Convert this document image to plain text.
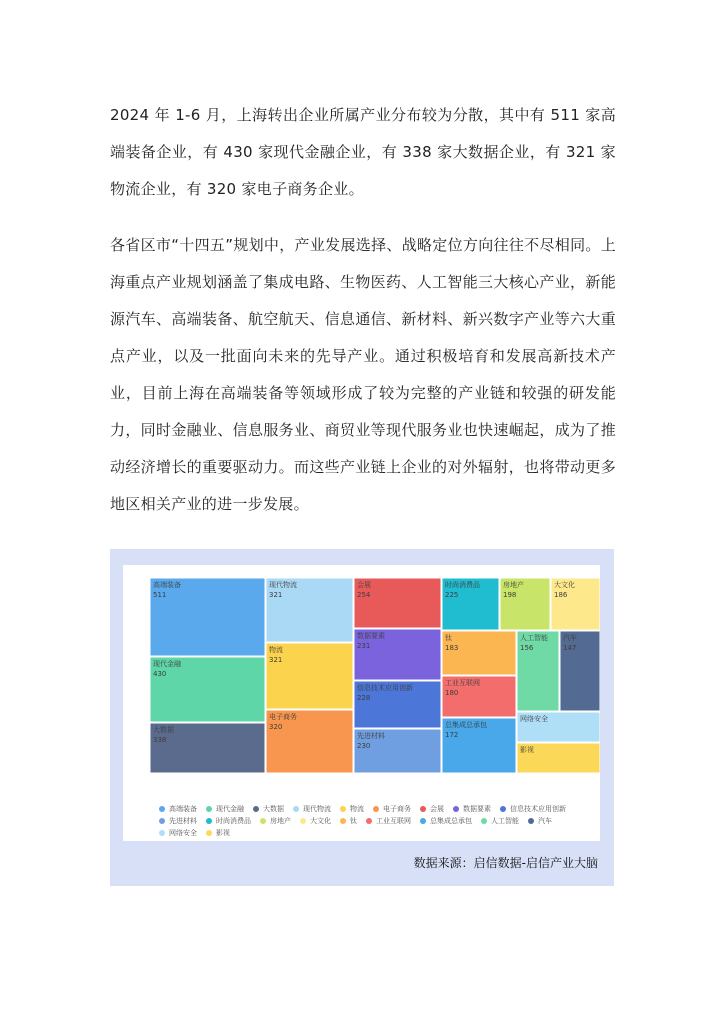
2024 年 1-6 月，上海转出企业所属产业分布较为分散，其中有 511 家高端装备企业，有 430 家现代金融企业，有 338 家大数据企业，有 321 家物流企业，有 320 家电子商务企业。

各省区市“十四五”规划中，产业发展选择、战略定位方向往往不尽相同。上海重点产业规划涵盖了集成电路、生物医药、人工智能三大核心产业，新能源汽车、高端装备、航空航天、信息通信、新材料、新兴数字产业等六大重点产业，以及一批面向未来的先导产业。通过积极培育和发展高新技术产业，目前上海在高端装备等领域形成了较为完整的产业链和较强的研发能力，同时金融业、信息服务业、商贸业等现代服务业也快速崛起，成为了推动经济增长的重要驱动力。而这些产业链上企业的对外辐射，也将带动更多地区相关产业的进一步发展。

高端装备
511
现代金融
430
大数据
338
现代物流
321
物流
321
电子商务
320
会展
254
数据要素
231
信息技术应用创新
228
先进材料
230
时尚消费品
225
房地产
198
大文化
186
钛
183
工业互联网
180
总集成总承包
172
人工智能
156
汽车
147
网络安全
影视
高端装备	现代金融	大数据	现代物流	物流	电子商务	会展	数据要素	信息技术应用创新
先进材料	时尚消费品	房地产	大文化	钛	工业互联网	总集成总承包	人工智能	汽车
网络安全	影视
数据来源：启信数据-启信产业大脑
